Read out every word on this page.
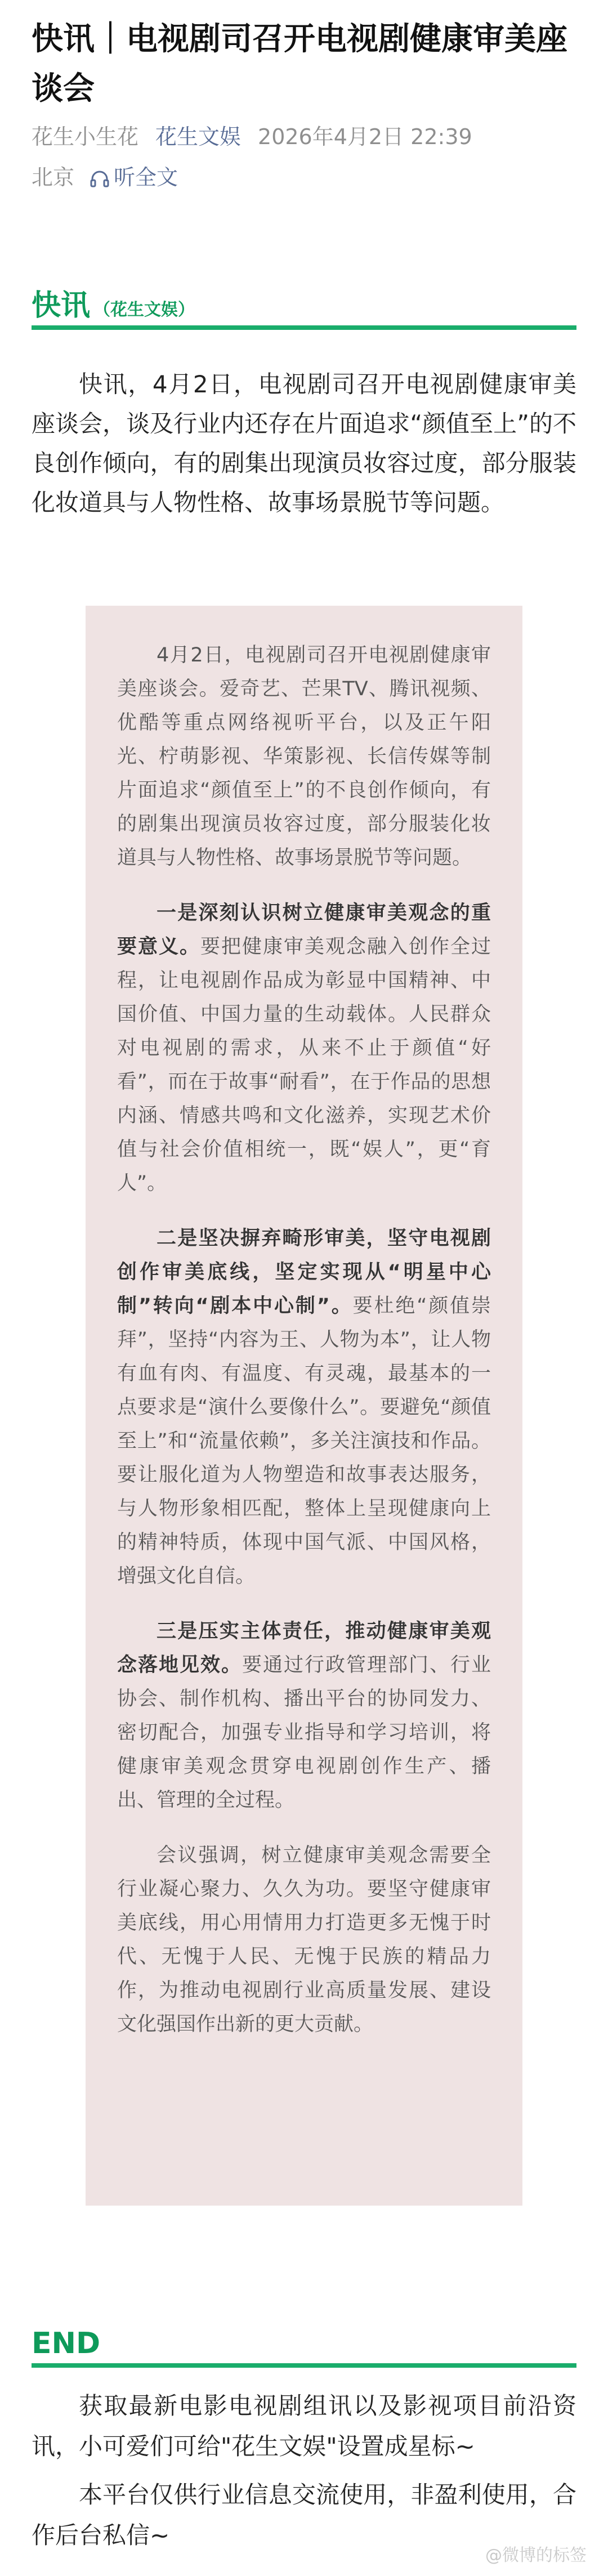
快讯｜电视剧司召开电视剧健康审美座谈会
花生小生花 花生文娱 2026年4月2日 22:39
北京 听全文
快讯 （花生文娱）

快讯，4月2日，电视剧司召开电视剧健康审美座谈会，谈及行业内还存在片面追求“颜值至上”的不良创作倾向，有的剧集出现演员妆容过度，部分服装化妆道具与人物性格、故事场景脱节等问题。

4月2日，电视剧司召开电视剧健康审美座谈会。爱奇艺、芒果TV、腾讯视频、优酷等重点网络视听平台，以及正午阳光、柠萌影视、华策影视、长信传媒等制片面追求“颜值至上”的不良创作倾向，有的剧集出现演员妆容过度，部分服装化妆道具与人物性格、故事场景脱节等问题。

一是深刻认识树立健康审美观念的重要意义。要把健康审美观念融入创作全过程，让电视剧作品成为彰显中国精神、中国价值、中国力量的生动载体。人民群众对电视剧的需求，从来不止于颜值“好看”，而在于故事“耐看”，在于作品的思想内涵、情感共鸣和文化滋养，实现艺术价值与社会价值相统一，既“娱人”，更“育人”。

二是坚决摒弃畸形审美，坚守电视剧创作审美底线，坚定实现从“明星中心制”转向“剧本中心制”。要杜绝“颜值崇拜”，坚持“内容为王、人物为本”，让人物有血有肉、有温度、有灵魂，最基本的一点要求是“演什么要像什么”。要避免“颜值至上”和“流量依赖”，多关注演技和作品。要让服化道为人物塑造和故事表达服务，与人物形象相匹配，整体上呈现健康向上的精神特质，体现中国气派、中国风格，增强文化自信。

三是压实主体责任，推动健康审美观念落地见效。要通过行政管理部门、行业协会、制作机构、播出平台的协同发力、密切配合，加强专业指导和学习培训，将健康审美观念贯穿电视剧创作生产、播出、管理的全过程。

会议强调，树立健康审美观念需要全行业凝心聚力、久久为功。要坚守健康审美底线，用心用情用力打造更多无愧于时代、无愧于人民、无愧于民族的精品力作，为推动电视剧行业高质量发展、建设文化强国作出新的更大贡献。

END

获取最新电影电视剧组讯以及影视项目前沿资讯，小可爱们可给"花生文娱"设置成星标~

本平台仅供行业信息交流使用，非盈利使用，合作后台私信~

@微博的标签
